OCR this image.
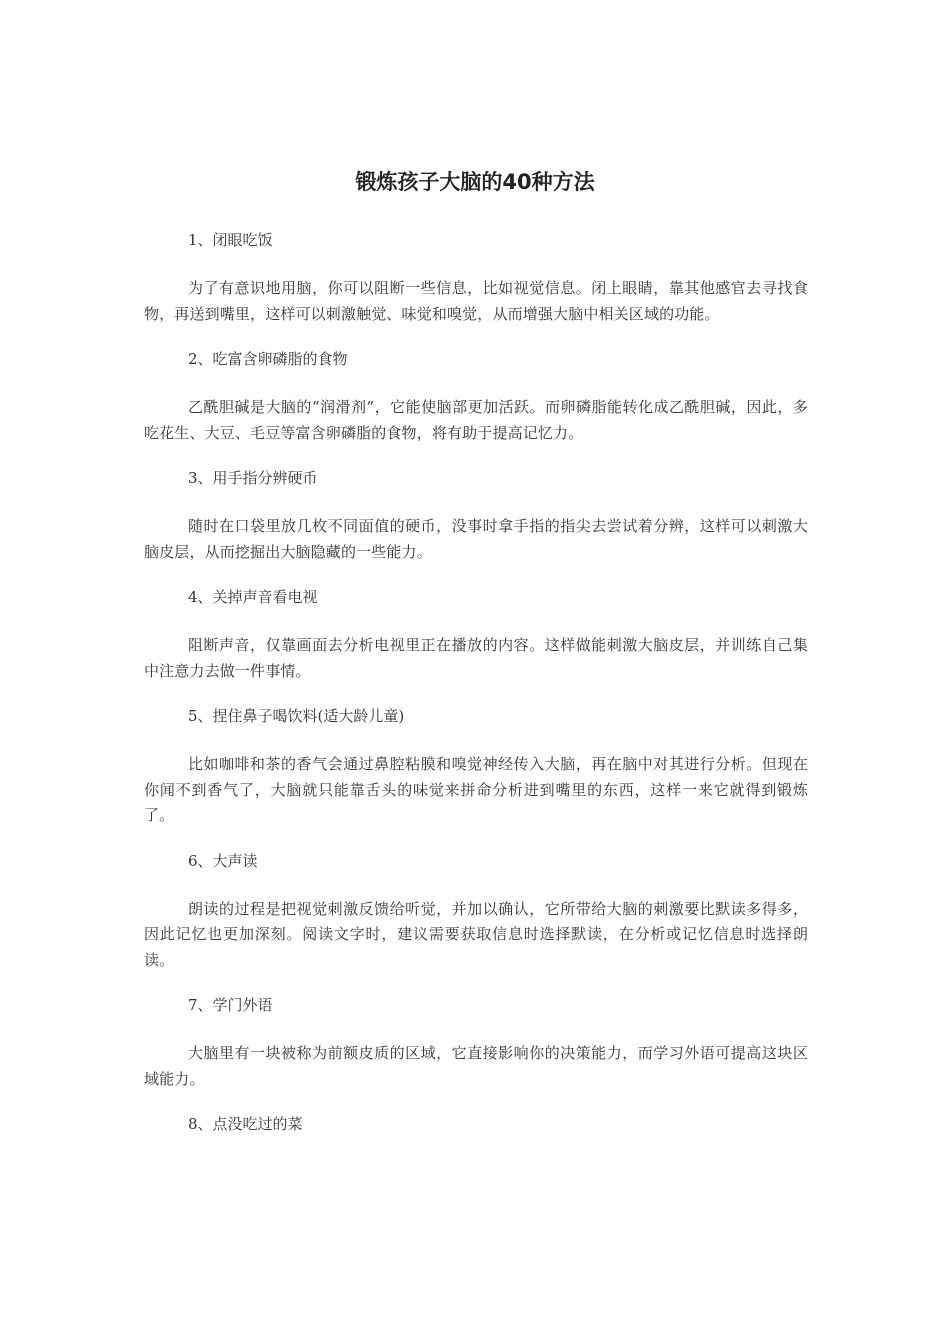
锻炼孩子大脑的40种方法

1、闭眼吃饭

为了有意识地用脑，你可以阻断一些信息，比如视觉信息。闭上眼睛，靠其他感官去寻找食物，再送到嘴里，这样可以刺激触觉、味觉和嗅觉，从而增强大脑中相关区域的功能。

2、吃富含卵磷脂的食物

乙酰胆碱是大脑的“润滑剂”，它能使脑部更加活跃。而卵磷脂能转化成乙酰胆碱，因此，多吃花生、大豆、毛豆等富含卵磷脂的食物，将有助于提高记忆力。

3、用手指分辨硬币

随时在口袋里放几枚不同面值的硬币，没事时拿手指的指尖去尝试着分辨，这样可以刺激大脑皮层，从而挖掘出大脑隐藏的一些能力。

4、关掉声音看电视

阻断声音，仅靠画面去分析电视里正在播放的内容。这样做能刺激大脑皮层，并训练自己集中注意力去做一件事情。

5、捏住鼻子喝饮料(适大龄儿童)

比如咖啡和茶的香气会通过鼻腔粘膜和嗅觉神经传入大脑，再在脑中对其进行分析。但现在你闻不到香气了，大脑就只能靠舌头的味觉来拼命分析进到嘴里的东西，这样一来它就得到锻炼了。

6、大声读

朗读的过程是把视觉刺激反馈给听觉，并加以确认，它所带给大脑的刺激要比默读多得多，因此记忆也更加深刻。阅读文字时，建议需要获取信息时选择默读，在分析或记忆信息时选择朗读。

7、学门外语

大脑里有一块被称为前额皮质的区域，它直接影响你的决策能力，而学习外语可提高这块区域能力。

8、点没吃过的菜
